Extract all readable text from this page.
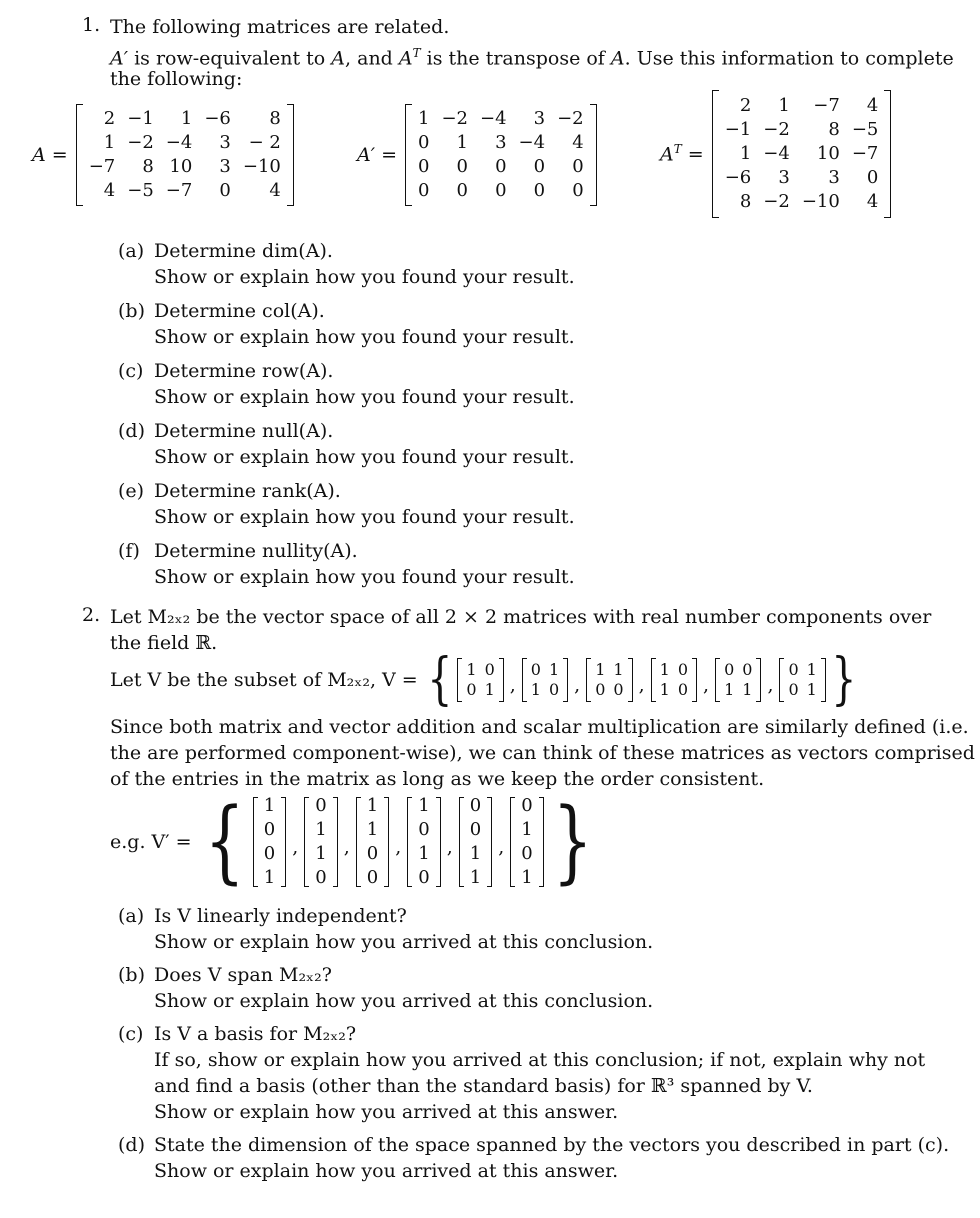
1. The following matrices are related.
A′ is row-equivalent to A, and $A^T$ is the transpose of A. Use this information to complete
the following:
A =
2	−1	1	−6	8
1	−2	−4	3	− 2
−7	8	10	3	−10
4	−5	−7	0	4
A′ =
1	−2	−4	3	−2
0	1	3	−4	4
0	0	0	0	0
0	0	0	0	0
$A^T$ =
2	1	−7	4
−1	−2	8	−5
1	−4	10	−7
−6	3	3	0
8	−2	−10	4
(a) Determine dim(A).
Show or explain how you found your result.
(b) Determine col(A).
Show or explain how you found your result.
(c) Determine row(A).
Show or explain how you found your result.
(d) Determine null(A).
Show or explain how you found your result.
(e) Determine rank(A).
Show or explain how you found your result.
(f) Determine nullity(A).
Show or explain how you found your result.
2. Let M₂ₓ₂ be the vector space of all 2 × 2 matrices with real number components over
the field ℝ.
Let V be the subset of M₂ₓ₂, V = { 1	0
0	1 ,
0	1
1	0 ,
1	1
0	0 ,
1	0
1	0 ,
0	0
1	1 ,
0	1
0	1 }
Since both matrix and vector addition and scalar multiplication are similarly defined (i.e.
the are performed component-wise), we can think of these matrices as vectors comprised
of the entries in the matrix as long as we keep the order consistent.
e.g. V′ = { 1
0
0
1
,
0
1
1
0
,
1
1
0
0
,
1
0
1
0
,
0
0
1
1
,
0
1
0
1 }
(a) Is V linearly independent?
Show or explain how you arrived at this conclusion.
(b) Does V span M₂ₓ₂?
Show or explain how you arrived at this conclusion.
(c) Is V a basis for M₂ₓ₂?
If so, show or explain how you arrived at this conclusion; if not, explain why not
and find a basis (other than the standard basis) for ℝ³ spanned by V.
Show or explain how you arrived at this answer.
(d) State the dimension of the space spanned by the vectors you described in part (c).
Show or explain how you arrived at this answer.
